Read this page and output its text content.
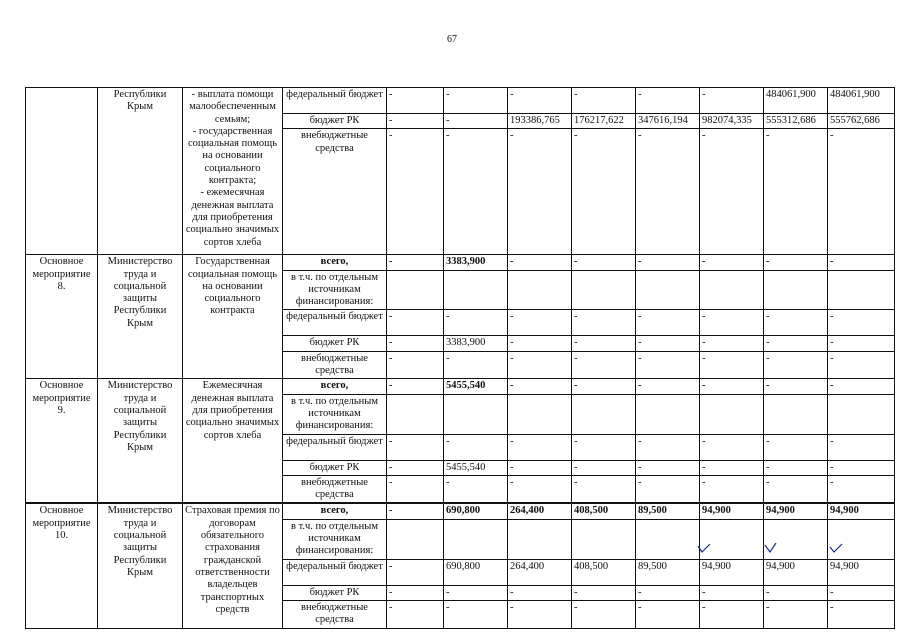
67
	Республики Крым	- выплата помощи малообеспеченным семьям;
- государственная социальная помощь на основании социального контракта;
- ежемесячная денежная выплата для приобретения социально значимых сортов хлеба	федеральный бюджет	-	-	-	-	-	-	484061,900	484061,900
			бюджет РК	-	-	193386,765	176217,622	347616,194	982074,335	555312,686	555762,686
			внебюджетные средства	-	-	-	-	-	-	-	-
Основное мероприятие 8.	Министерство труда и социальной защиты Республики Крым	Государственная социальная помощь на основании социального контракта	всего,	-	3383,900	-	-	-	-	-	-
			в т.ч. по отдельным источникам финансирования:								
			федеральный бюджет	-	-	-	-	-	-	-	-
			бюджет РК	-	3383,900	-	-	-	-	-	-
			внебюджетные средства	-	-	-	-	-	-	-	-
Основное мероприятие 9.	Министерство труда и социальной защиты Республики Крым	Ежемесячная денежная выплата для приобретения социально значимых сортов хлеба	всего,	-	5455,540	-	-	-	-	-	-
			в т.ч. по отдельным источникам финансирования:								
			федеральный бюджет	-	-	-	-	-	-	-	-
			бюджет РК	-	5455,540	-	-	-	-	-	-
			внебюджетные средства	-	-	-	-	-	-	-	-
Основное мероприятие 10.	Министерство труда и социальной защиты Республики Крым	Страховая премия по договорам обязательного страхования гражданской ответственности владельцев транспортных средств	всего,	-	690,800	264,400	408,500	89,500	94,900	94,900	94,900
			в т.ч. по отдельным источникам финансирования:								
			федеральный бюджет	-	690,800	264,400	408,500	89,500	94,900	94,900	94,900
			бюджет РК	-	-	-	-	-	-	-	-
			внебюджетные средства	-	-	-	-	-	-	-	-
